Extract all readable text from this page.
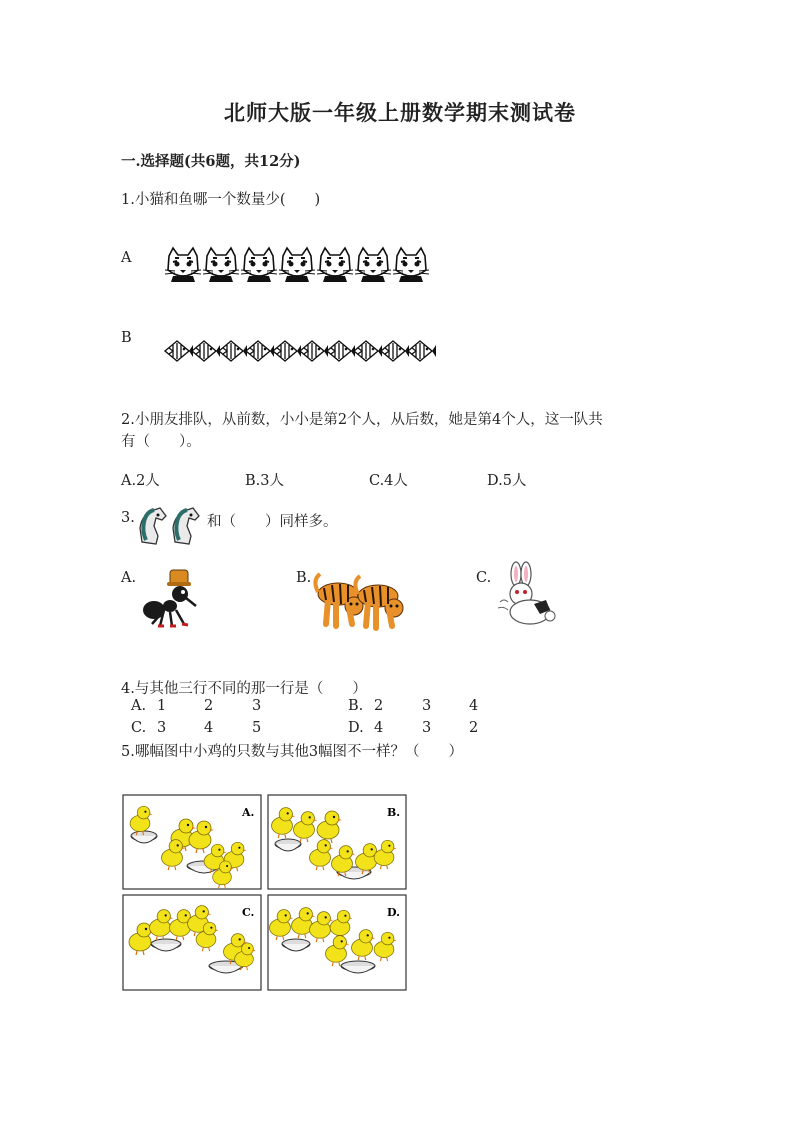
北师大版一年级上册数学期末测试卷
一.选择题(共6题，共12分)
1.小猫和鱼哪一个数量少(　　)
A
B
2.小朋友排队，从前数，小小是第2个人，从后数，她是第4个人，这一队共
有（　　）。
A.2人	B.3人	C.4人	D.5人
3.	和（　　）同样多。
A.	B.	C.
4.与其他三行不同的那一行是（　　）
A. 1	2	3	B. 2	3	4
C. 3	4	5	D. 4	3	2
5.哪幅图中小鸡的只数与其他3幅图不一样？（　　）
A.	B.
C.	D.
